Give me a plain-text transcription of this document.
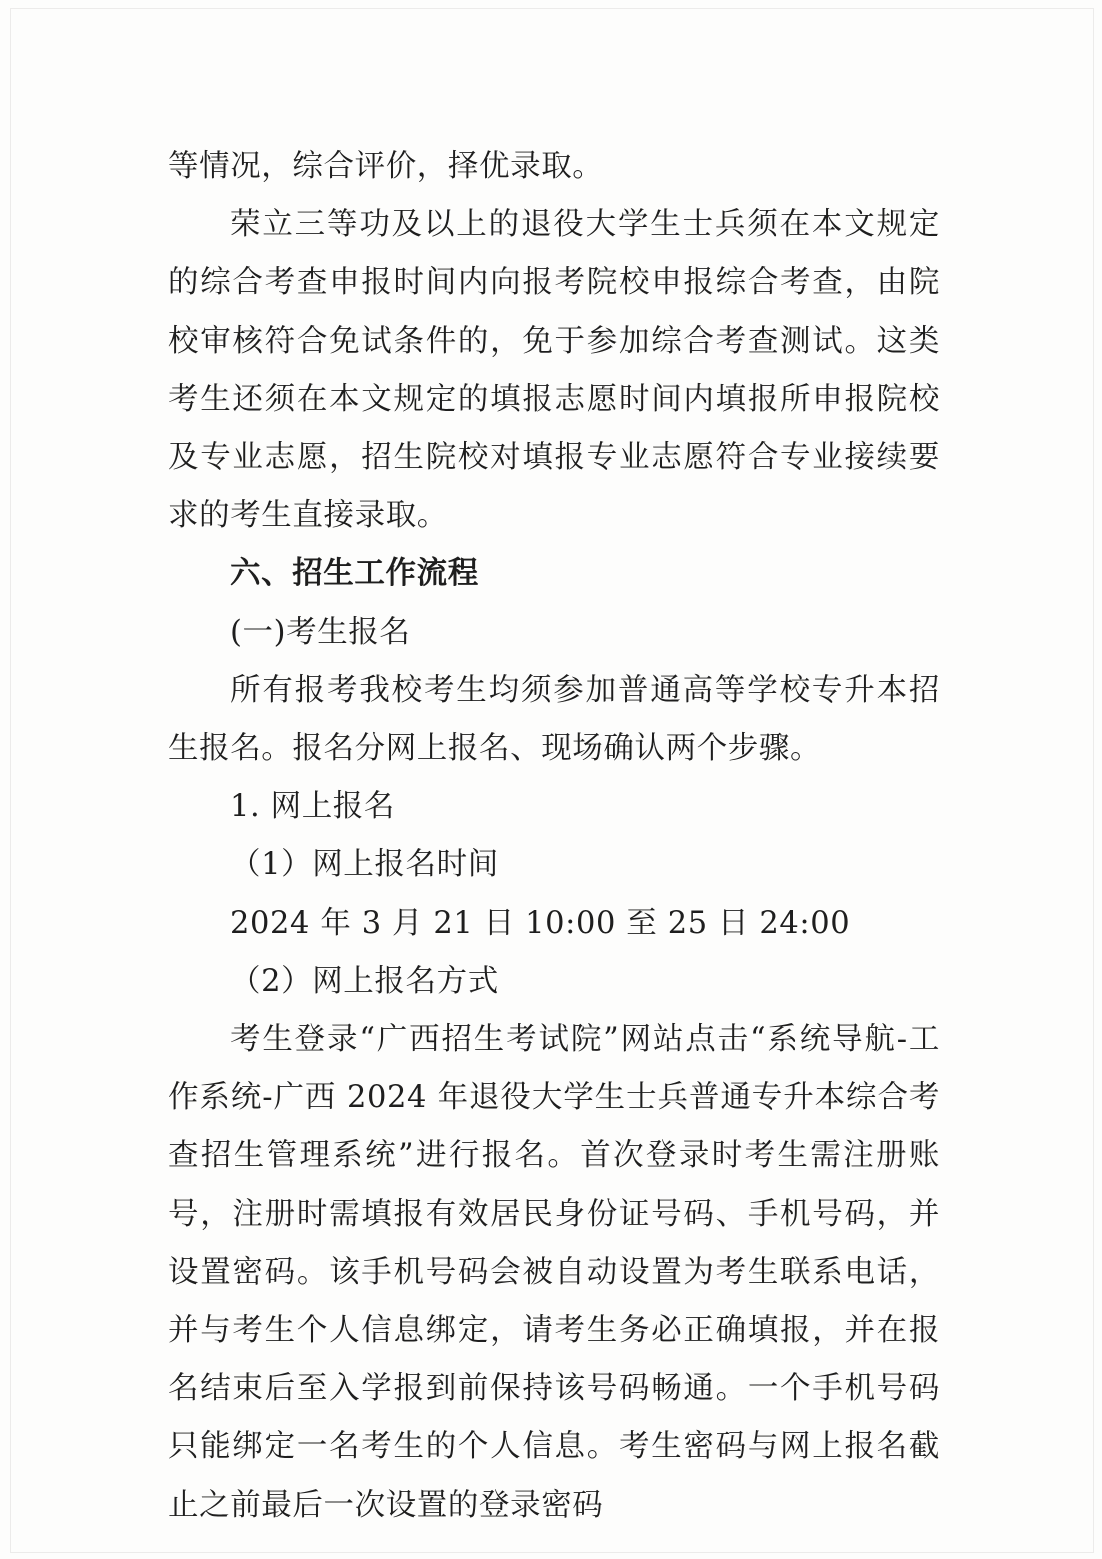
等情况，综合评价，择优录取。

荣立三等功及以上的退役大学生士兵须在本文规定的综合考查申报时间内向报考院校申报综合考查，由院校审核符合免试条件的，免于参加综合考查测试。这类考生还须在本文规定的填报志愿时间内填报所申报院校及专业志愿，招生院校对填报专业志愿符合专业接续要求的考生直接录取。

六、招生工作流程

(一)考生报名

所有报考我校考生均须参加普通高等学校专升本招生报名。报名分网上报名、现场确认两个步骤。

1. 网上报名

（1）网上报名时间

2024 年 3 月 21 日 10:00 至 25 日 24:00

（2）网上报名方式

考生登录“广西招生考试院”网站点击“系统导航-工作系统-广西 2024 年退役大学生士兵普通专升本综合考查招生管理系统”进行报名。首次登录时考生需注册账号，注册时需填报有效居民身份证号码、手机号码，并设置密码。该手机号码会被自动设置为考生联系电话，并与考生个人信息绑定，请考生务必正确填报，并在报名结束后至入学报到前保持该号码畅通。一个手机号码只能绑定一名考生的个人信息。考生密码与网上报名截止之前最后一次设置的登录密码
